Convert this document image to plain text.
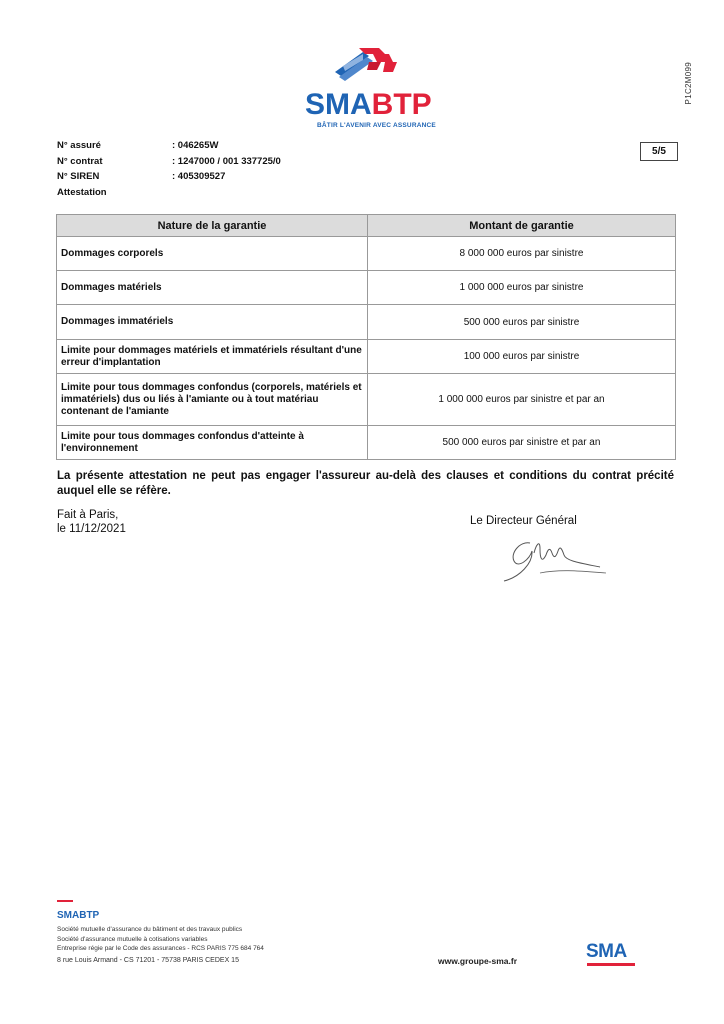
P1C2M099
SMABTP
BÂTIR L'AVENIR AVEC ASSURANCE
N° assuré	: 046265W
N° contrat	: 1247000 / 001 337725/0
N° SIREN	: 405309527
Attestation
5/5
Nature de la garantie	Montant de garantie
Dommages corporels	8 000 000 euros par sinistre
Dommages matériels	1 000 000 euros par sinistre
Dommages immatériels	500 000 euros par sinistre
Limite pour dommages matériels et immatériels résultant d'une erreur d'implantation	100 000 euros par sinistre
Limite pour tous dommages confondus (corporels, matériels et immatériels) dus ou liés à l'amiante ou à tout matériau contenant de l'amiante	1 000 000 euros par sinistre et par an
Limite pour tous dommages confondus d'atteinte à l'environnement	500 000 euros par sinistre et par an
La présente attestation ne peut pas engager l'assureur au-delà des clauses et conditions du contrat précité auquel elle se réfère.
Fait à Paris,
le 11/12/2021
Le Directeur Général
SMABTP
Société mutuelle d'assurance du bâtiment et des travaux publics
Société d'assurance mutuelle à cotisations variables
Entreprise régie par le Code des assurances - RCS PARIS 775 684 764
8 rue Louis Armand - CS 71201 - 75738 PARIS CEDEX 15	www.groupe-sma.fr	SMA
